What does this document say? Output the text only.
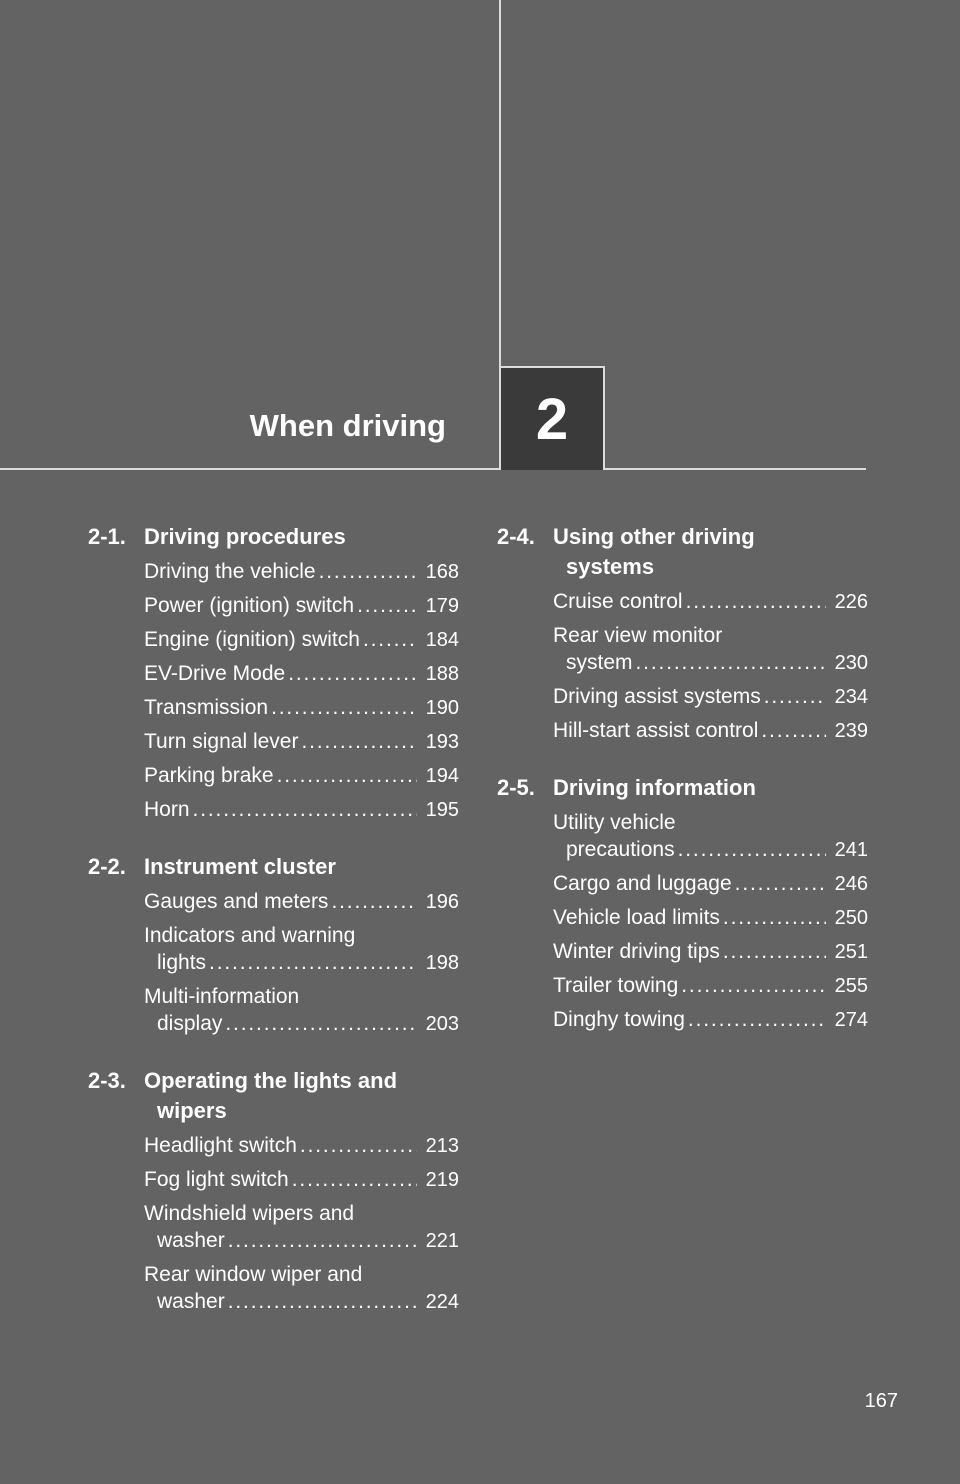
When driving 2
2-1. Driving procedures
Driving the vehicle . . .	168
Power (ignition) switch . . .	179
Engine (ignition) switch . . .	184
EV-Drive Mode . . .	188
Transmission . . .	190
Turn signal lever . . .	193
Parking brake . . .	194
Horn . . .	195
2-2. Instrument cluster
Gauges and meters . . .	196
Indicators and warning
lights . . .	198
Multi-information
display . . .	203
2-3. Operating the lights and
wipers
Headlight switch . . .	213
Fog light switch . . .	219
Windshield wipers and
washer . . .	221
Rear window wiper and
washer . . .	224
2-4. Using other driving
systems
Cruise control . . .	226
Rear view monitor
system . . .	230
Driving assist systems . . .	234
Hill-start assist control . . .	239
2-5. Driving information
Utility vehicle
precautions . . .	241
Cargo and luggage . . .	246
Vehicle load limits . . .	250
Winter driving tips . . .	251
Trailer towing . . .	255
Dinghy towing . . .	274
167
